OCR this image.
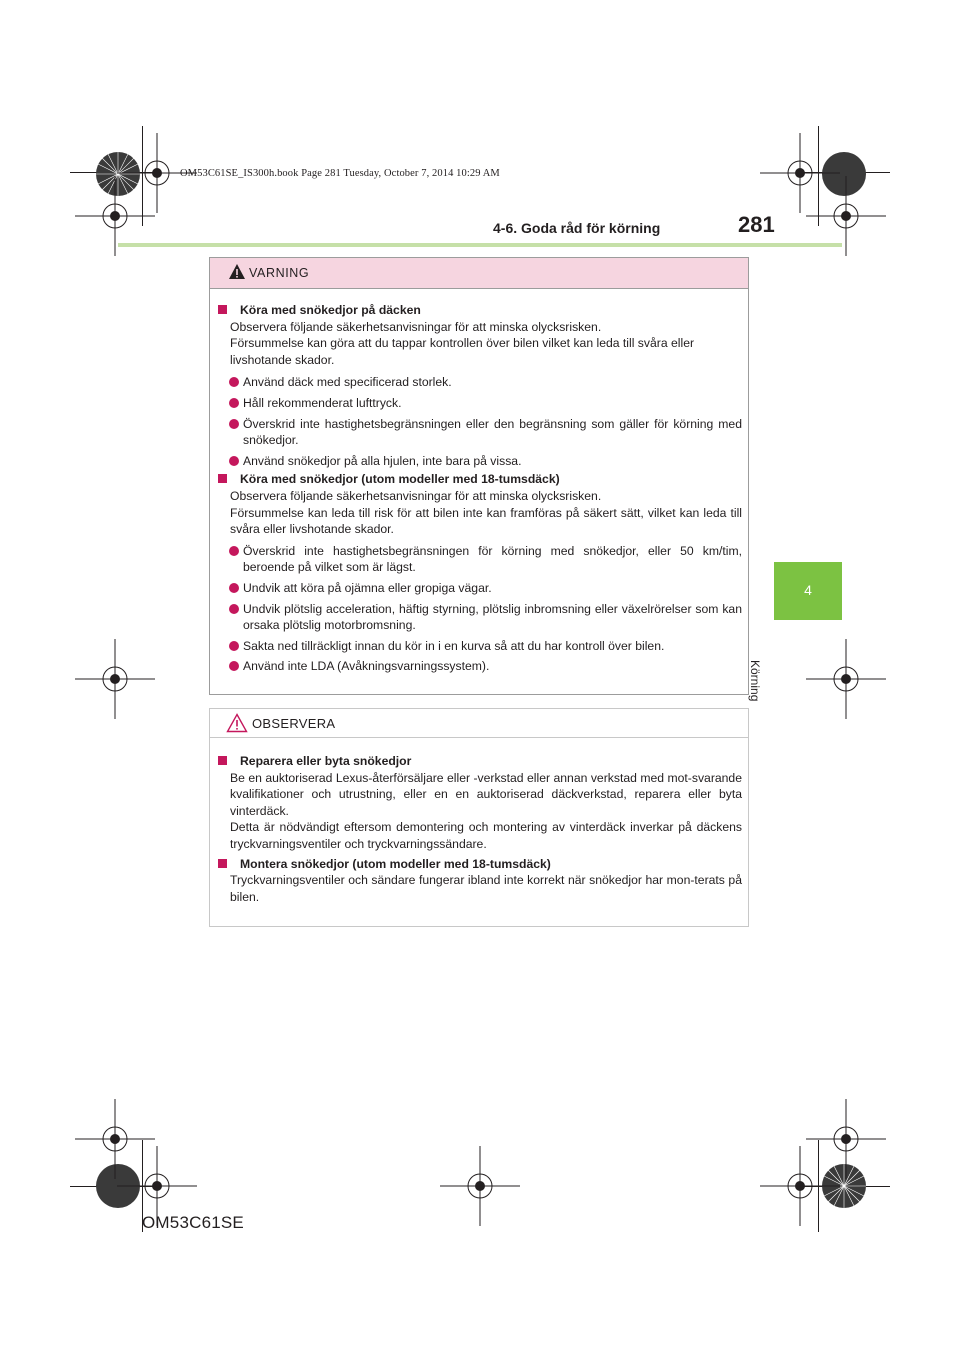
OM53C61SE_IS300h.book Page 281 Tuesday, October 7, 2014 10:29 AM
4-6. Goda råd för körning	281
4
Körning
VARNING
Köra med snökedjor på däcken
Observera följande säkerhetsanvisningar för att minska olycksrisken.
Försummelse kan göra att du tappar kontrollen över bilen vilket kan leda till svåra eller livshotande skador.
Använd däck med specificerad storlek.
Håll rekommenderat lufttryck.
Överskrid inte hastighetsbegränsningen eller den begränsning som gäller för körning med snökedjor.
Använd snökedjor på alla hjulen, inte bara på vissa.
Köra med snökedjor (utom modeller med 18-tumsdäck)
Observera följande säkerhetsanvisningar för att minska olycksrisken.
Försummelse kan leda till risk för att bilen inte kan framföras på säkert sätt, vilket kan leda till svåra eller livshotande skador.
Överskrid inte hastighetsbegränsningen för körning med snökedjor, eller 50 km/tim, beroende på vilket som är lägst.
Undvik att köra på ojämna eller gropiga vägar.
Undvik plötslig acceleration, häftig styrning, plötslig inbromsning eller växelrörelser som kan orsaka plötslig motorbromsning.
Sakta ned tillräckligt innan du kör in i en kurva så att du har kontroll över bilen.
Använd inte LDA (Avåkningsvarningssystem).
OBSERVERA
Reparera eller byta snökedjor
Be en auktoriserad Lexus-återförsäljare eller -verkstad eller annan verkstad med mot-svarande kvalifikationer och utrustning, eller en en auktoriserad däckverkstad, reparera eller byta vinterdäck.
Detta är nödvändigt eftersom demontering och montering av vinterdäck inverkar på däckens tryckvarningsventiler och tryckvarningssändare.
Montera snökedjor (utom modeller med 18-tumsdäck)
Tryckvarningsventiler och sändare fungerar ibland inte korrekt när snökedjor har mon-terats på bilen.
OM53C61SE
